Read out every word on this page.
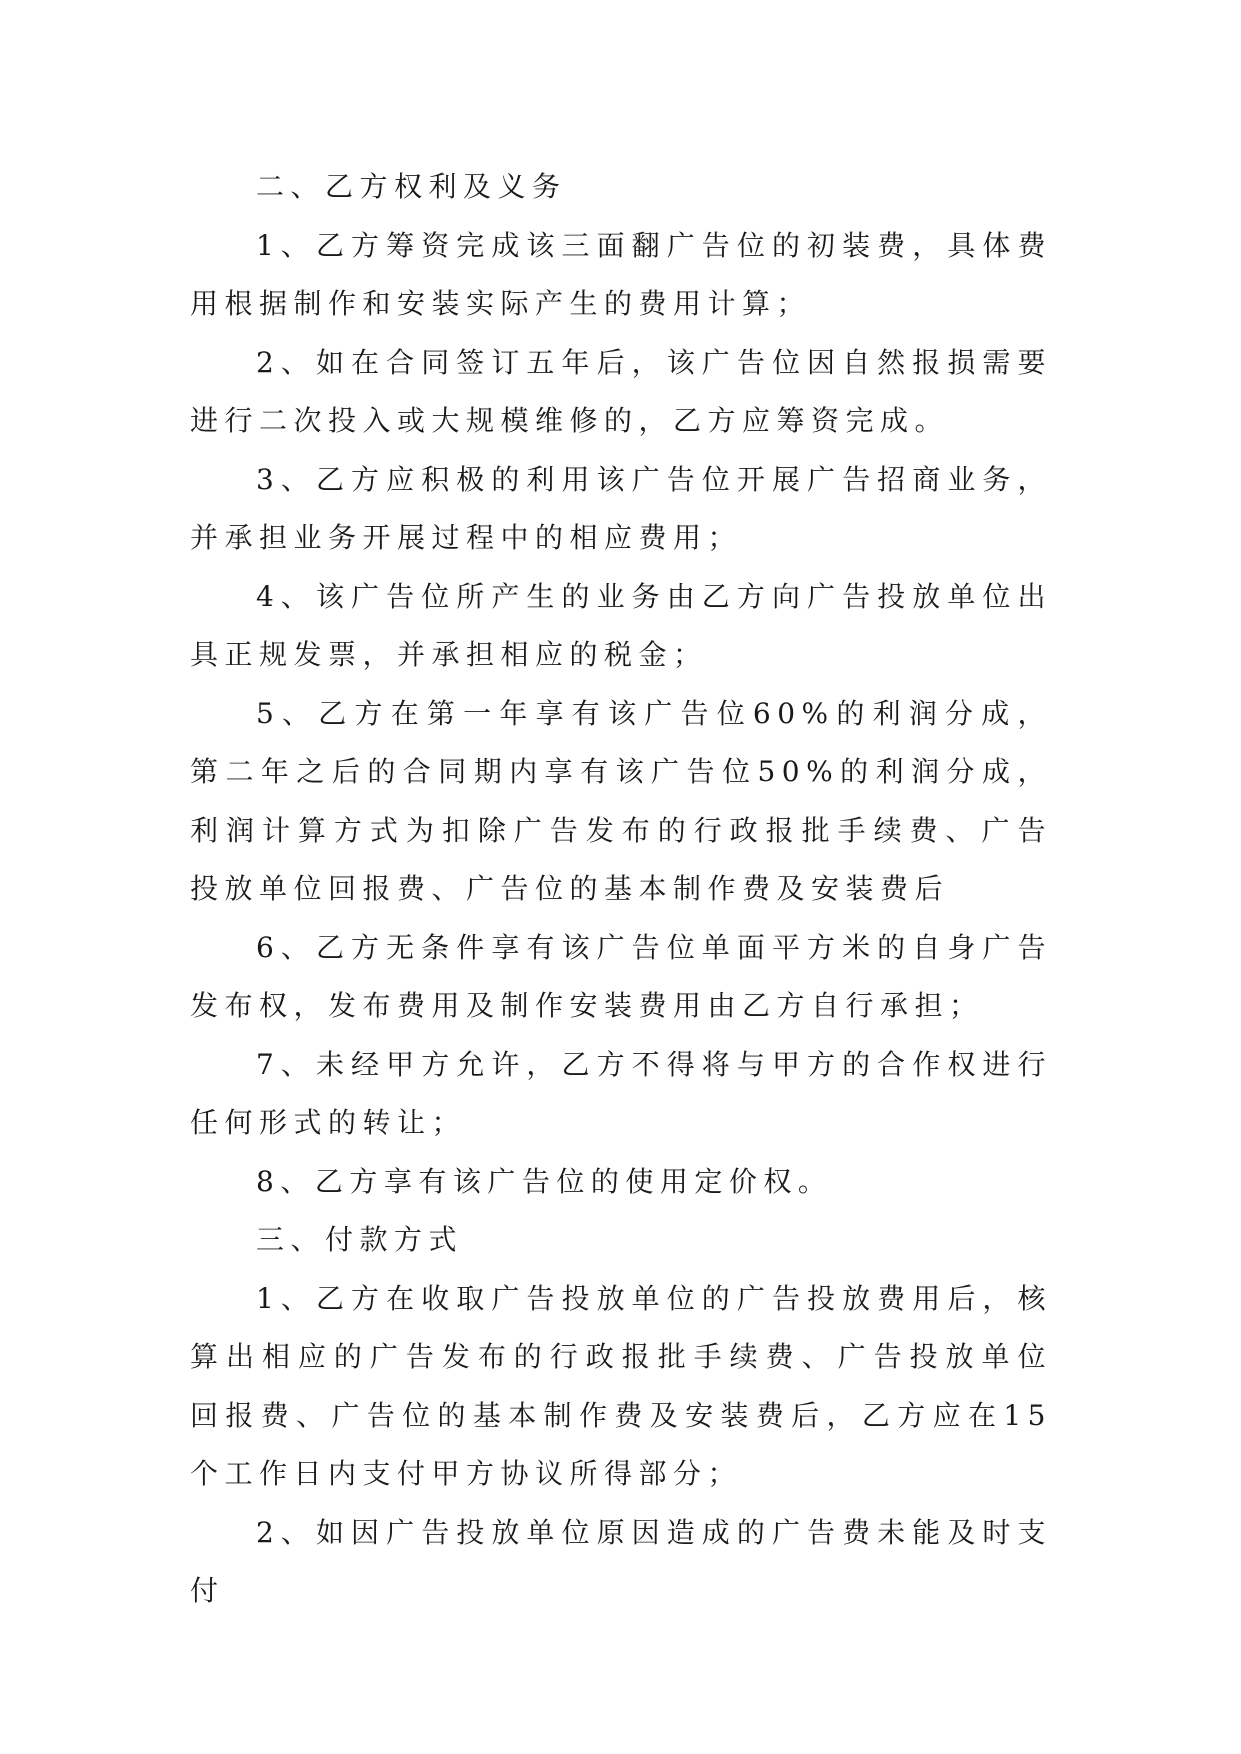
二、乙方权利及义务

1、乙方筹资完成该三面翻广告位的初装费，具体费用根据制作和安装实际产生的费用计算；

2、如在合同签订五年后，该广告位因自然报损需要进行二次投入或大规模维修的，乙方应筹资完成。

3、乙方应积极的利用该广告位开展广告招商业务，并承担业务开展过程中的相应费用；

4、该广告位所产生的业务由乙方向广告投放单位出具正规发票，并承担相应的税金；

5、乙方在第一年享有该广告位60%的利润分成，第二年之后的合同期内享有该广告位50%的利润分成，利润计算方式为扣除广告发布的行政报批手续费、广告投放单位回报费、广告位的基本制作费及安装费后

6、乙方无条件享有该广告位单面平方米的自身广告发布权，发布费用及制作安装费用由乙方自行承担；

7、未经甲方允许，乙方不得将与甲方的合作权进行任何形式的转让；

8、乙方享有该广告位的使用定价权。

三、付款方式

1、乙方在收取广告投放单位的广告投放费用后，核算出相应的广告发布的行政报批手续费、广告投放单位回报费、广告位的基本制作费及安装费后，乙方应在15个工作日内支付甲方协议所得部分；

2、如因广告投放单位原因造成的广告费未能及时支付
